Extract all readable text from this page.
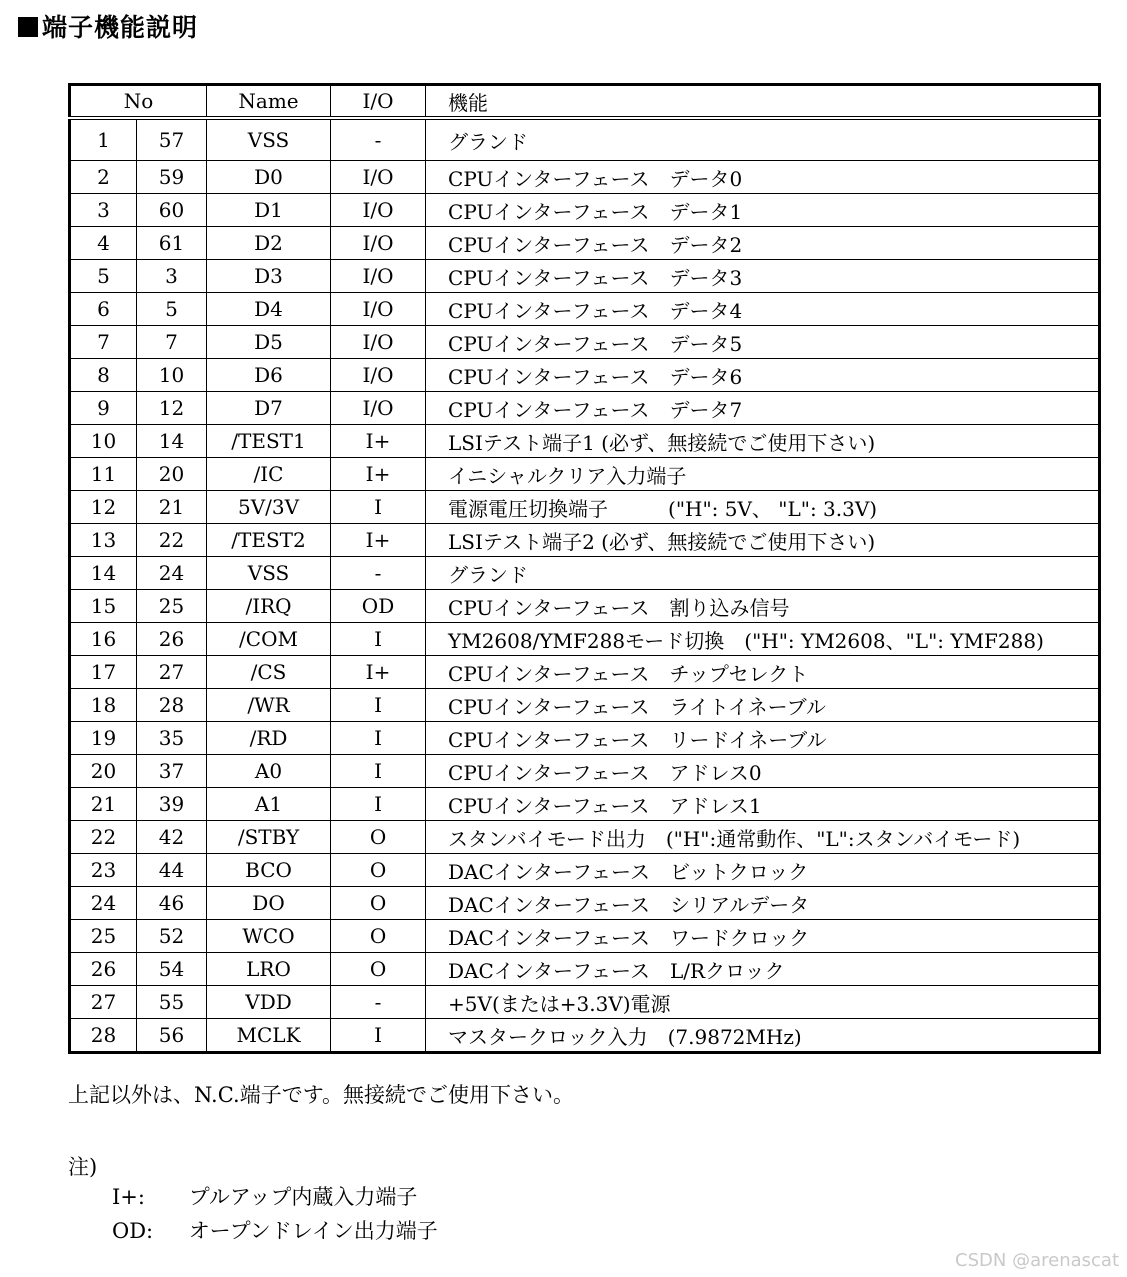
端子機能説明
No		Name	I/O	機能
1	57	VSS	-	グランド
2	59	D0	I/O	CPUインターフェース　データ0
3	60	D1	I/O	CPUインターフェース　データ1
4	61	D2	I/O	CPUインターフェース　データ2
5	3	D3	I/O	CPUインターフェース　データ3
6	5	D4	I/O	CPUインターフェース　データ4
7	7	D5	I/O	CPUインターフェース　データ5
8	10	D6	I/O	CPUインターフェース　データ6
9	12	D7	I/O	CPUインターフェース　データ7
10	14	/TEST1	I+	LSIテスト端子1 (必ず、無接続でご使用下さい)
11	20	/IC	I+	イニシャルクリア入力端子
12	21	5V/3V	I	電源電圧切換端子　　　("H": 5V、 "L": 3.3V)
13	22	/TEST2	I+	LSIテスト端子2 (必ず、無接続でご使用下さい)
14	24	VSS	-	グランド
15	25	/IRQ	OD	CPUインターフェース　割り込み信号
16	26	/COM	I	YM2608/YMF288モード切換　("H": YM2608、"L": YMF288)
17	27	/CS	I+	CPUインターフェース　チップセレクト
18	28	/WR	I	CPUインターフェース　ライトイネーブル
19	35	/RD	I	CPUインターフェース　リードイネーブル
20	37	A0	I	CPUインターフェース　アドレス0
21	39	A1	I	CPUインターフェース　アドレス1
22	42	/STBY	O	スタンバイモード出力　("H":通常動作、"L":スタンバイモード)
23	44	BCO	O	DACインターフェース　ビットクロック
24	46	DO	O	DACインターフェース　シリアルデータ
25	52	WCO	O	DACインターフェース　ワードクロック
26	54	LRO	O	DACインターフェース　L/Rクロック
27	55	VDD	-	+5V(または+3.3V)電源
28	56	MCLK	I	マスタークロック入力　(7.9872MHz)
上記以外は、N.C.端子です。無接続でご使用下さい。
注)
I+: プルアップ内蔵入力端子
OD: オープンドレイン出力端子
CSDN @arenascat
